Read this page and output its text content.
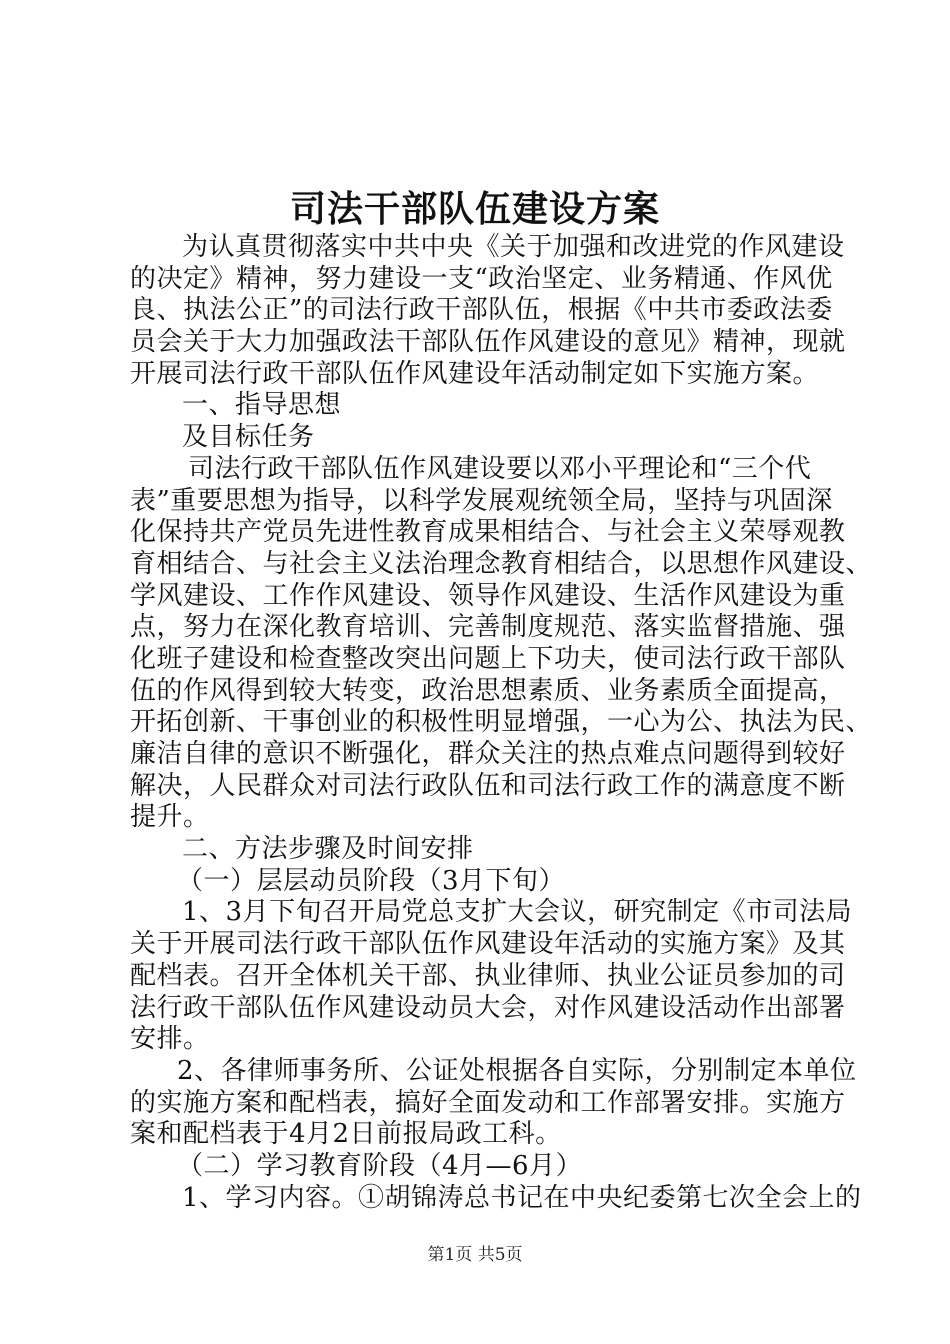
司法干部队伍建设方案
为认真贯彻落实中共中央《关于加强和改进党的作风建设
的决定》精神，努力建设一支“政治坚定、业务精通、作风优
良、执法公正”的司法行政干部队伍，根据《中共市委政法委
员会关于大力加强政法干部队伍作风建设的意见》精神，现就
开展司法行政干部队伍作风建设年活动制定如下实施方案。
一、指导思想
及目标任务
司法行政干部队伍作风建设要以邓小平理论和“三个代
表”重要思想为指导，以科学发展观统领全局，坚持与巩固深
化保持共产党员先进性教育成果相结合、与社会主义荣辱观教
育相结合、与社会主义法治理念教育相结合，以思想作风建设、
学风建设、工作作风建设、领导作风建设、生活作风建设为重
点，努力在深化教育培训、完善制度规范、落实监督措施、强
化班子建设和检查整改突出问题上下功夫，使司法行政干部队
伍的作风得到较大转变，政治思想素质、业务素质全面提高，
开拓创新、干事创业的积极性明显增强，一心为公、执法为民、
廉洁自律的意识不断强化，群众关注的热点难点问题得到较好
解决，人民群众对司法行政队伍和司法行政工作的满意度不断
提升。
二、方法步骤及时间安排
（一）层层动员阶段（3月下旬）
1、3月下旬召开局党总支扩大会议，研究制定《市司法局
关于开展司法行政干部队伍作风建设年活动的实施方案》及其
配档表。召开全体机关干部、执业律师、执业公证员参加的司
法行政干部队伍作风建设动员大会，对作风建设活动作出部署
安排。
2、各律师事务所、公证处根据各自实际，分别制定本单位
的实施方案和配档表，搞好全面发动和工作部署安排。实施方
案和配档表于4月2日前报局政工科。
（二）学习教育阶段（4月—6月）
1、学习内容。①胡锦涛总书记在中央纪委第七次全会上的
第1页 共5页
